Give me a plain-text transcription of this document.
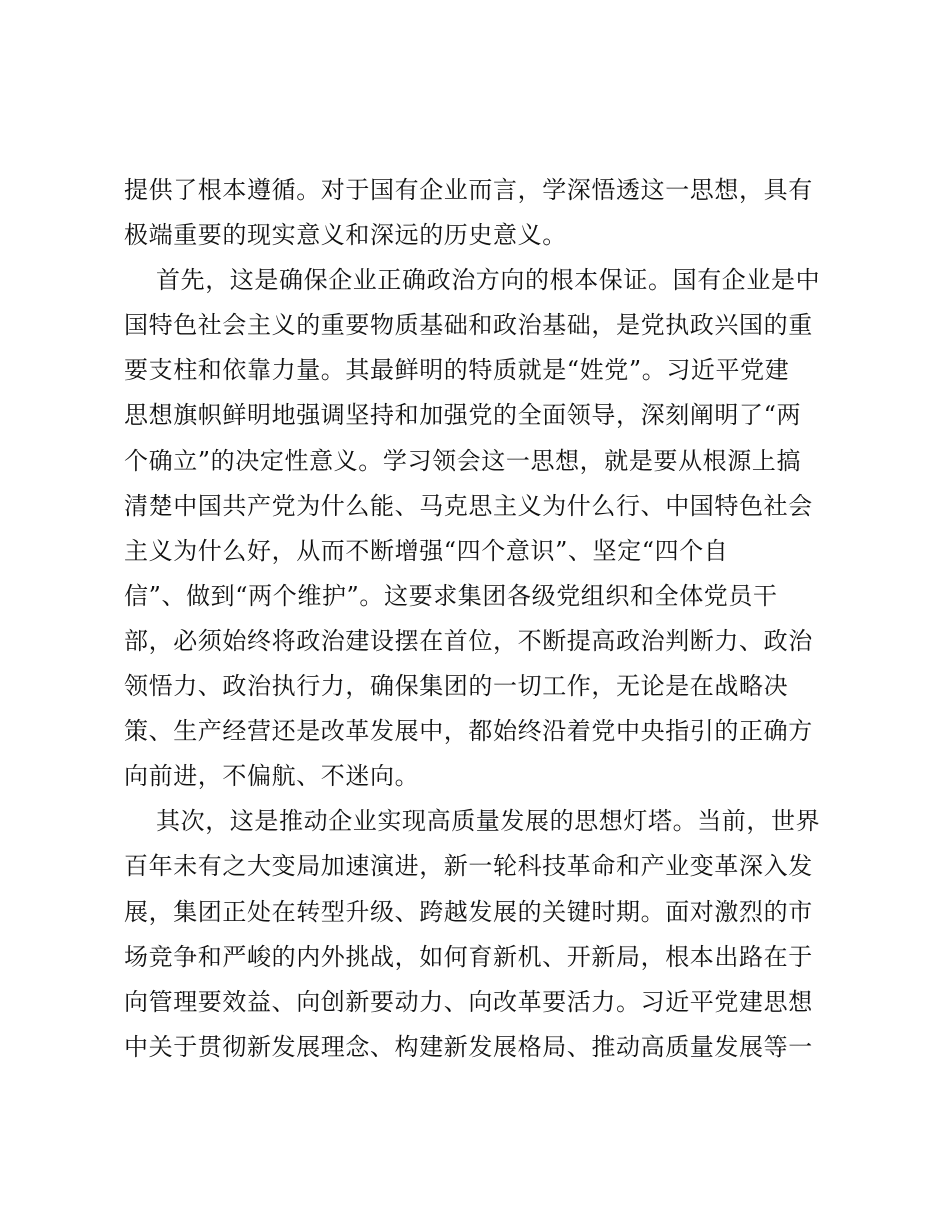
提供了根本遵循。对于国有企业而言，学深悟透这一思想，具有
极端重要的现实意义和深远的历史意义。
首先，这是确保企业正确政治方向的根本保证。国有企业是中
国特色社会主义的重要物质基础和政治基础，是党执政兴国的重
要支柱和依靠力量。其最鲜明的特质就是“姓党”。习近平党建
思想旗帜鲜明地强调坚持和加强党的全面领导，深刻阐明了“两
个确立”的决定性意义。学习领会这一思想，就是要从根源上搞
清楚中国共产党为什么能、马克思主义为什么行、中国特色社会
主义为什么好，从而不断增强“四个意识”、坚定“四个自
信”、做到“两个维护”。这要求集团各级党组织和全体党员干
部，必须始终将政治建设摆在首位，不断提高政治判断力、政治
领悟力、政治执行力，确保集团的一切工作，无论是在战略决
策、生产经营还是改革发展中，都始终沿着党中央指引的正确方
向前进，不偏航、不迷向。
其次，这是推动企业实现高质量发展的思想灯塔。当前，世界
百年未有之大变局加速演进，新一轮科技革命和产业变革深入发
展，集团正处在转型升级、跨越发展的关键时期。面对激烈的市
场竞争和严峻的内外挑战，如何育新机、开新局，根本出路在于
向管理要效益、向创新要动力、向改革要活力。习近平党建思想
中关于贯彻新发展理念、构建新发展格局、推动高质量发展等一
